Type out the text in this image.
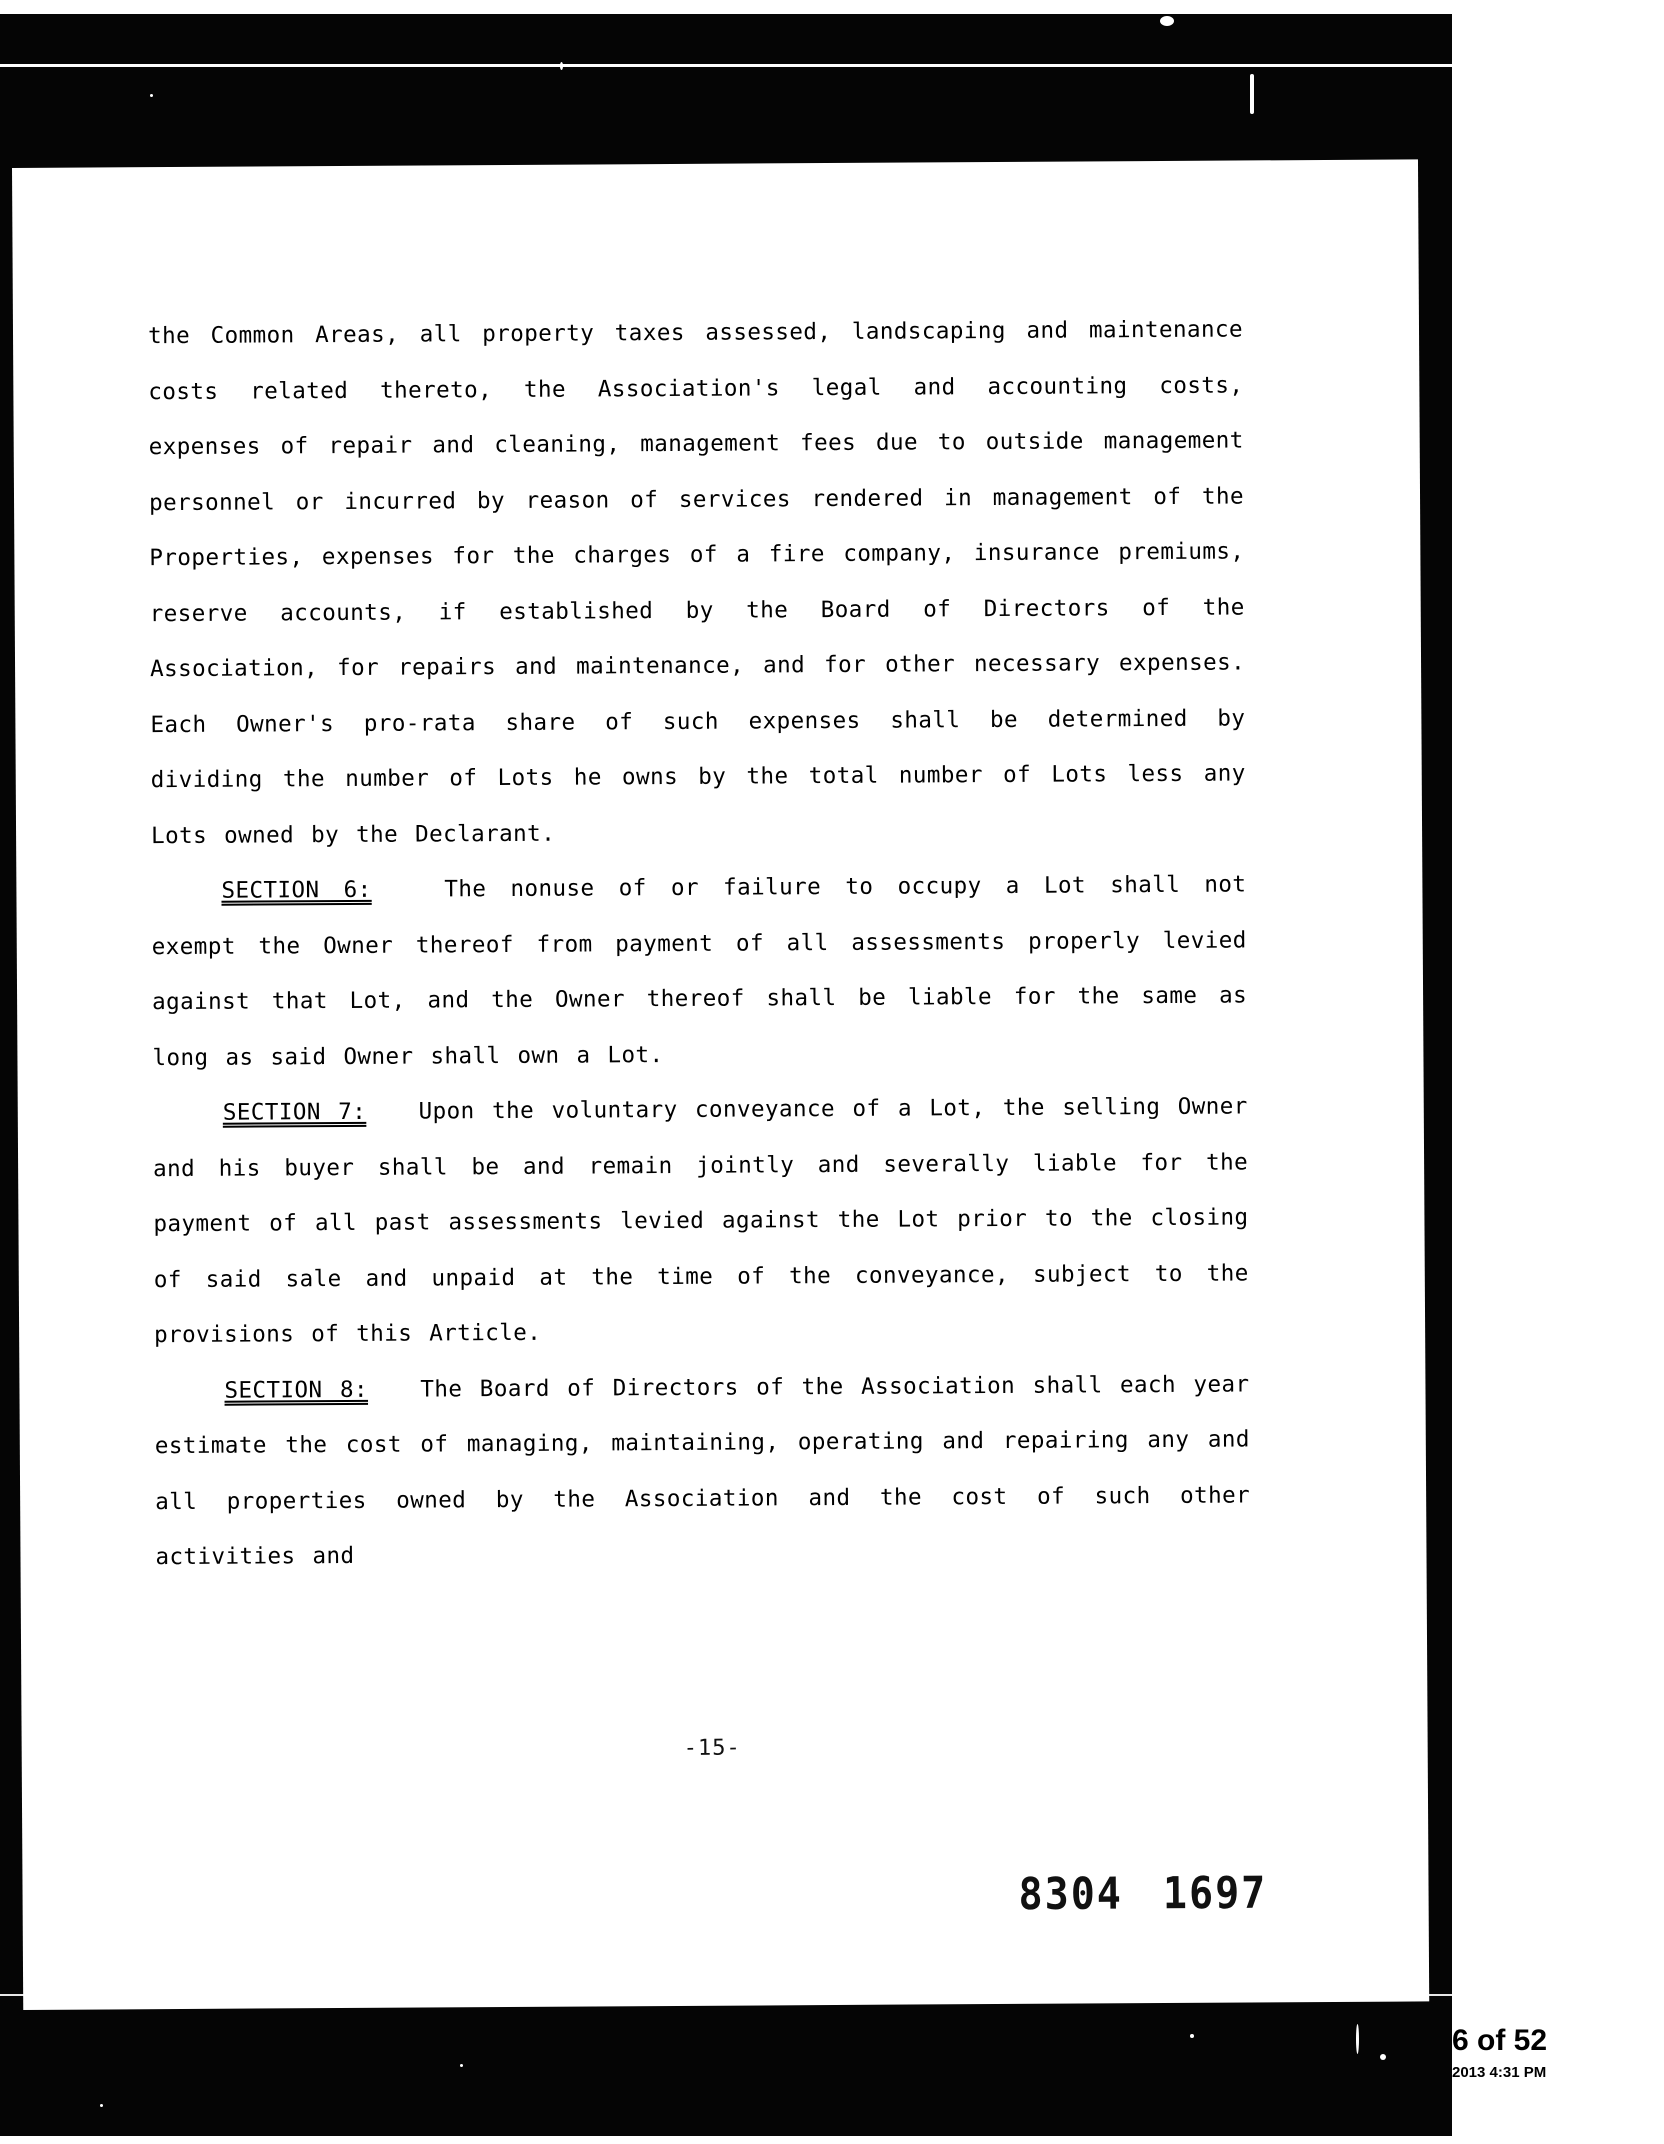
the Common Areas, all property taxes assessed, landscaping and maintenance costs related thereto, the Association's legal and accounting costs, expenses of repair and cleaning, management fees due to outside management personnel or incurred by reason of services rendered in management of the Properties, expenses for the charges of a fire company, insurance premiums, reserve accounts, if established by the Board of Directors of the Association, for repairs and maintenance, and for other necessary expenses. Each Owner's pro-rata share of such expenses shall be determined by dividing the number of Lots he owns by the total number of Lots less any Lots owned by the Declarant.

SECTION 6:	The nonuse of or failure to occupy a Lot shall not exempt the Owner thereof from payment of all assessments properly levied against that Lot, and the Owner thereof shall be liable for the same as long as said Owner shall own a Lot.

SECTION 7: Upon the voluntary conveyance of a Lot, the selling Owner and his buyer shall be and remain jointly and severally liable for the payment of all past assessments levied against the Lot prior to the closing of said sale and unpaid at the time of the conveyance, subject to the provisions of this Article.

SECTION 8: The Board of Directors of the Association shall each year estimate the cost of managing, maintaining, operating and repairing any and all properties owned by the Association and the cost of such other activities and

-15-
8304 1697
6 of 52
2013 4:31 PM
